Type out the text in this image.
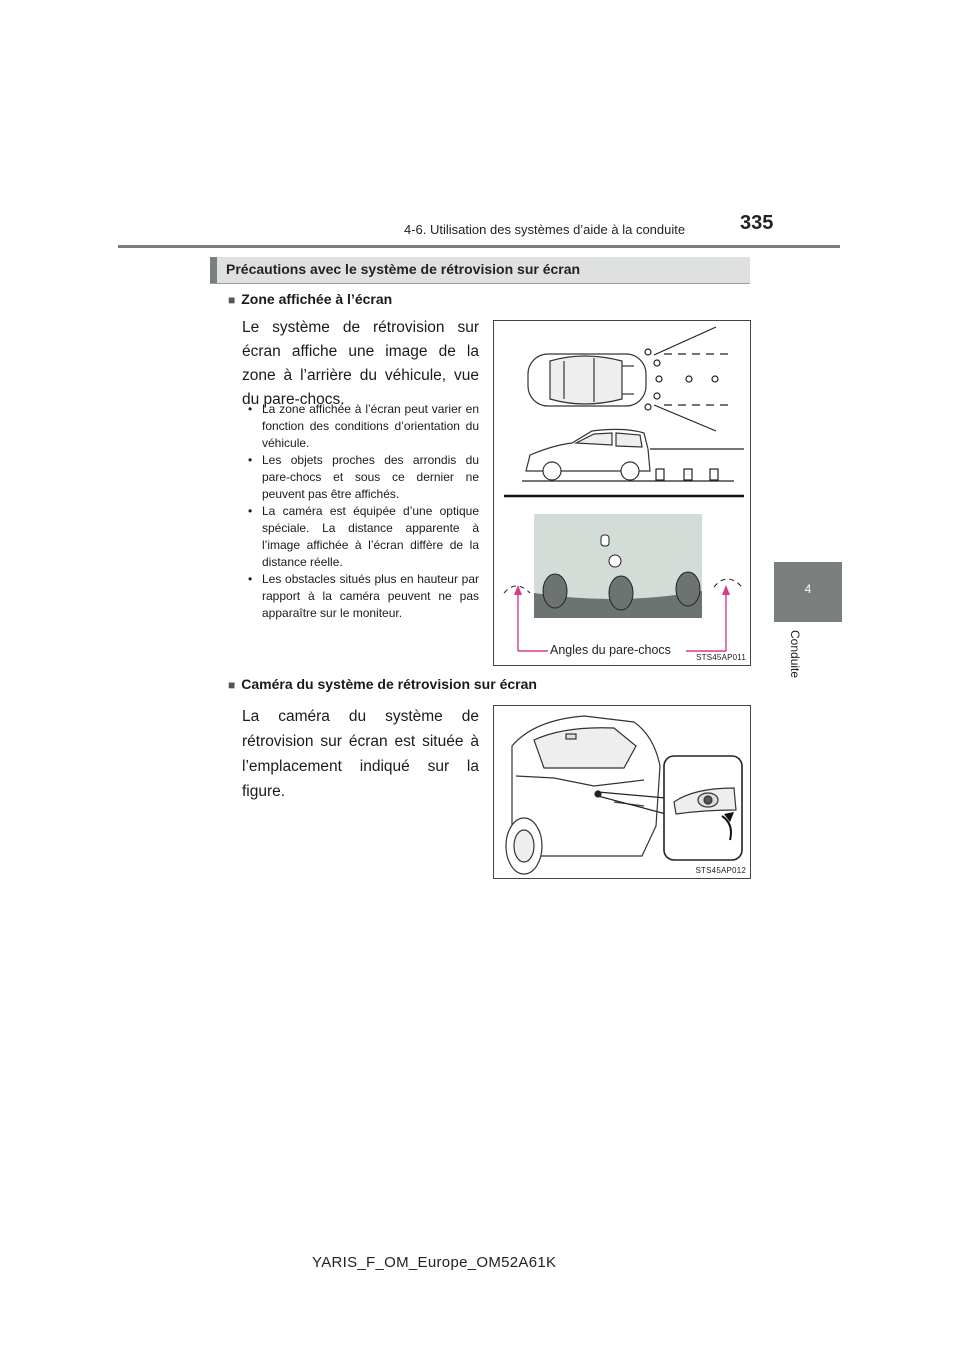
4-6. Utilisation des systèmes d’aide à la conduite	335
4
Conduite
Précautions avec le système de rétrovision sur écran
■ Zone affichée à l’écran
Le système de rétrovision sur écran affiche une image de la zone à l’arrière du véhicule, vue du pare-chocs.
• La zone affichée à l’écran peut varier en fonction des conditions d’orientation du véhicule.
• Les objets proches des arrondis du pare-chocs et sous ce dernier ne peuvent pas être affichés.
• La caméra est équipée d’une optique spéciale. La distance apparente à l’image affichée à l’écran diffère de la distance réelle.
• Les obstacles situés plus en hauteur par rapport à la caméra peuvent ne pas apparaître sur le moniteur.
Angles du pare-chocs
STS45AP011
■ Caméra du système de rétrovision sur écran
La caméra du système de rétrovision sur écran est située à l’emplacement indiqué sur la figure.
STS45AP012
YARIS_F_OM_Europe_OM52A61K
